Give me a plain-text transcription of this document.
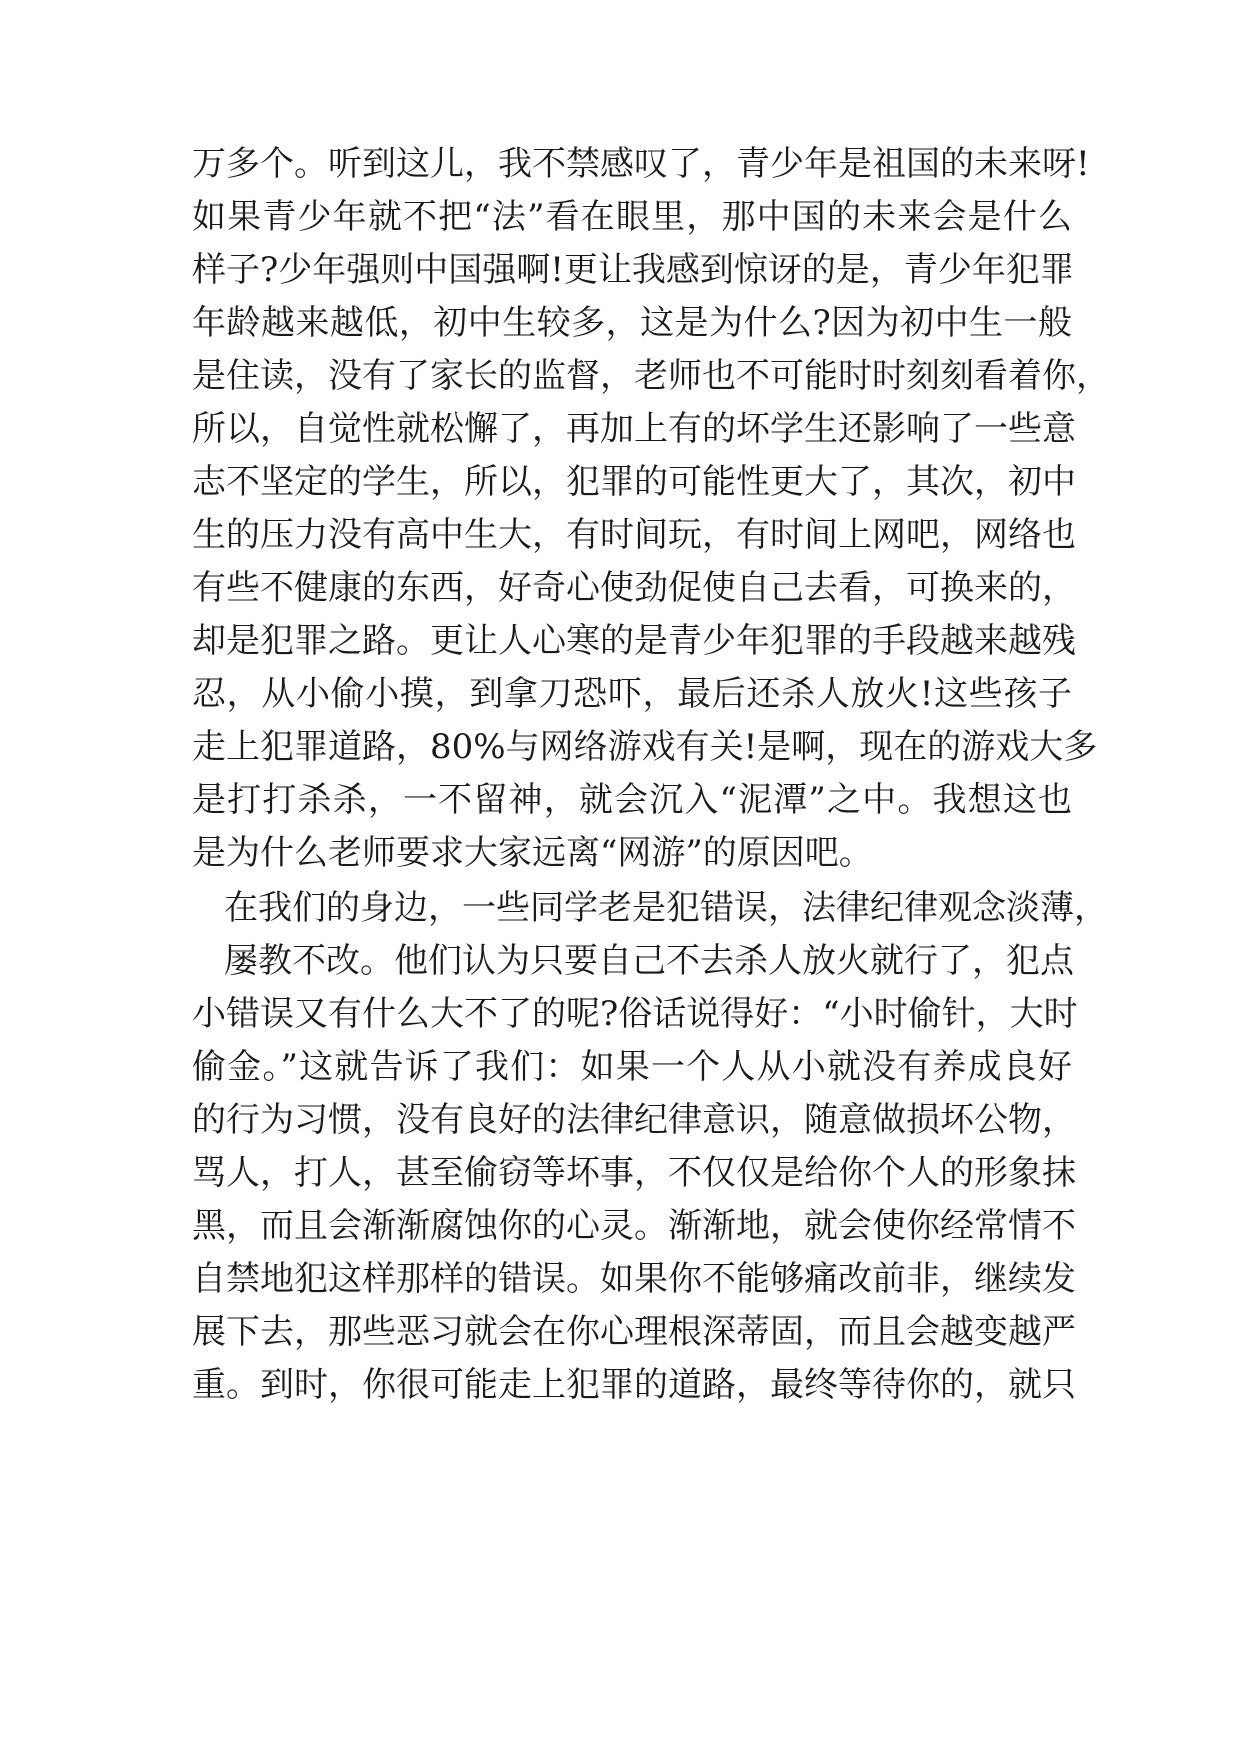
万多个。听到这儿，我不禁感叹了，青少年是祖国的未来呀!
如果青少年就不把“法”看在眼里，那中国的未来会是什么
样子?少年强则中国强啊!更让我感到惊讶的是，青少年犯罪
年龄越来越低，初中生较多，这是为什么?因为初中生一般
是住读，没有了家长的监督，老师也不可能时时刻刻看着你，
所以，自觉性就松懈了，再加上有的坏学生还影响了一些意
志不坚定的学生，所以，犯罪的可能性更大了，其次，初中
生的压力没有高中生大，有时间玩，有时间上网吧，网络也
有些不健康的东西，好奇心使劲促使自己去看，可换来的，
却是犯罪之路。更让人心寒的是青少年犯罪的手段越来越残
忍，从小偷小摸，到拿刀恐吓，最后还杀人放火!这些孩子
走上犯罪道路，80%与网络游戏有关!是啊，现在的游戏大多
是打打杀杀，一不留神，就会沉入“泥潭”之中。我想这也
是为什么老师要求大家远离“网游”的原因吧。
在我们的身边，一些同学老是犯错误，法律纪律观念淡薄，
屡教不改。他们认为只要自己不去杀人放火就行了，犯点
小错误又有什么大不了的呢?俗话说得好：“小时偷针，大时
偷金。”这就告诉了我们：如果一个人从小就没有养成良好
的行为习惯，没有良好的法律纪律意识，随意做损坏公物，
骂人，打人，甚至偷窃等坏事，不仅仅是给你个人的形象抹
黑，而且会渐渐腐蚀你的心灵。渐渐地，就会使你经常情不
自禁地犯这样那样的错误。如果你不能够痛改前非，继续发
展下去，那些恶习就会在你心理根深蒂固，而且会越变越严
重。到时，你很可能走上犯罪的道路，最终等待你的，就只
